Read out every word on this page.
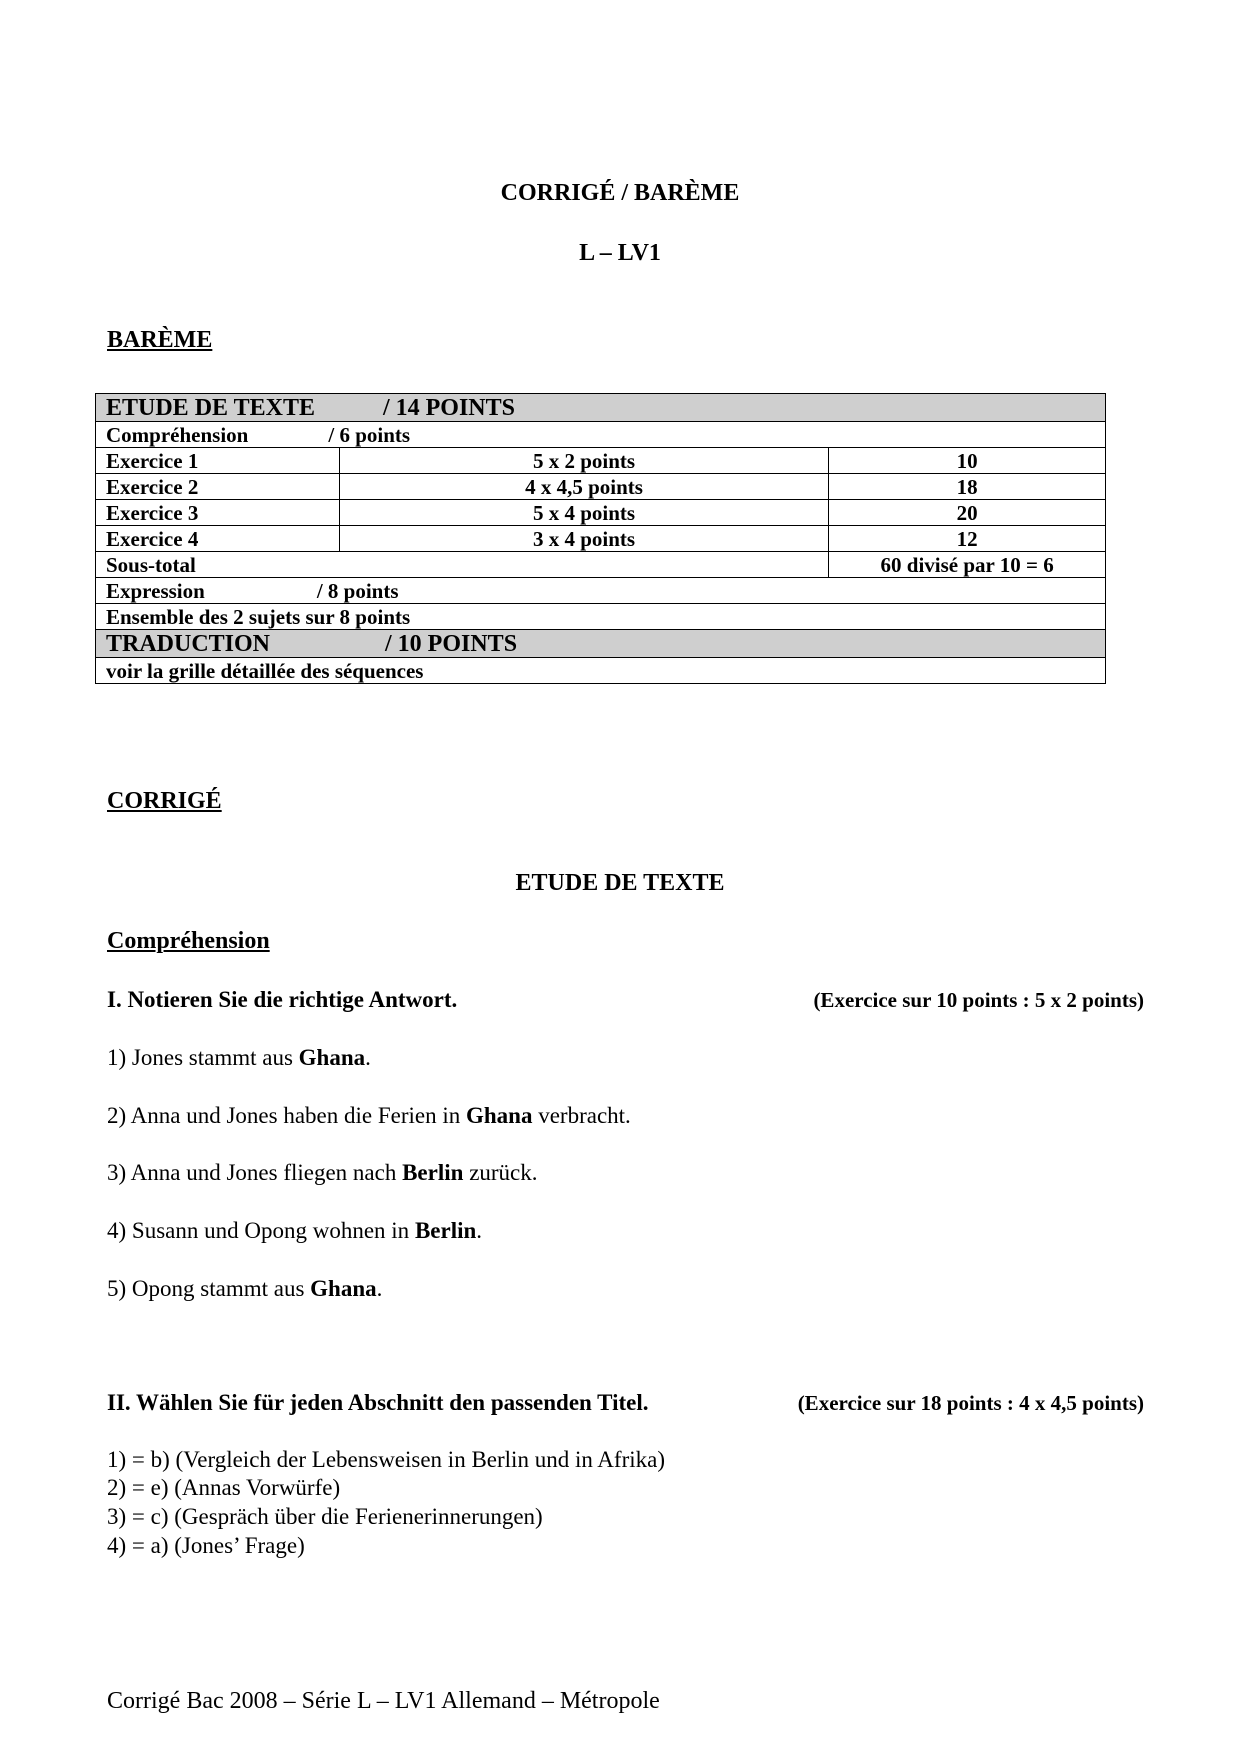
CORRIGÉ / BARÈME
L – LV1
BARÈME
ETUDE DE TEXTE / 14 POINTS		
Compréhension / 6 points		
Exercice 1	5 x 2 points	10
Exercice 2	4 x 4,5 points	18
Exercice 3	5 x 4 points	20
Exercice 4	3 x 4 points	12
Sous-total		60 divisé par 10 = 6
Expression / 8 points		
Ensemble des 2 sujets sur 8 points		
TRADUCTION / 10 POINTS		
voir la grille détaillée des séquences		
CORRIGÉ
ETUDE DE TEXTE
Compréhension
I. Notieren Sie die richtige Antwort.	(Exercice sur 10 points : 5 x 2 points)
1) Jones stammt aus Ghana.
2) Anna und Jones haben die Ferien in Ghana verbracht.
3) Anna und Jones fliegen nach Berlin zurück.
4) Susann und Opong wohnen in Berlin.
5) Opong stammt aus Ghana.
II. Wählen Sie für jeden Abschnitt den passenden Titel.	(Exercice sur 18 points : 4 x 4,5 points)
1) = b) (Vergleich der Lebensweisen in Berlin und in Afrika)
2) = e) (Annas Vorwürfe)
3) = c) (Gespräch über die Ferienerinnerungen)
4) = a) (Jones’ Frage)
Corrigé Bac 2008 – Série L – LV1 Allemand – Métropole
